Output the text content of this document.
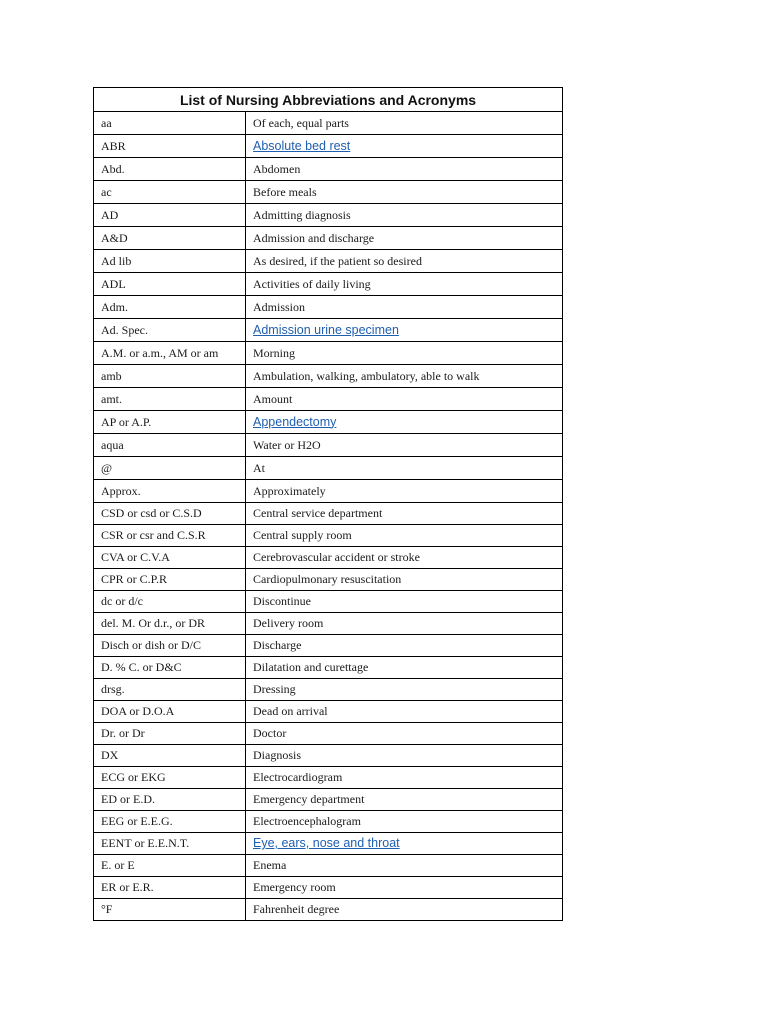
List of Nursing Abbreviations and Acronyms	
aa	Of each, equal parts
ABR	Absolute bed rest
Abd.	Abdomen
ac	Before meals
AD	Admitting diagnosis
A&D	Admission and discharge
Ad lib	As desired, if the patient so desired
ADL	Activities of daily living
Adm.	Admission
Ad. Spec.	Admission urine specimen
A.M. or a.m., AM or am	Morning
amb	Ambulation, walking, ambulatory, able to walk
amt.	Amount
AP or A.P.	Appendectomy
aqua	Water or H2O
@	At
Approx.	Approximately
CSD or csd or C.S.D	Central service department
CSR or csr and C.S.R	Central supply room
CVA or C.V.A	Cerebrovascular accident or stroke
CPR or C.P.R	Cardiopulmonary resuscitation
dc or d/c	Discontinue
del. M. Or d.r., or DR	Delivery room
Disch or dish or D/C	Discharge
D. % C. or D&C	Dilatation and curettage
drsg.	Dressing
DOA or D.O.A	Dead on arrival
Dr. or Dr	Doctor
DX	Diagnosis
ECG or EKG	Electrocardiogram
ED or E.D.	Emergency department
EEG or E.E.G.	Electroencephalogram
EENT or E.E.N.T.	Eye, ears, nose and throat
E. or E	Enema
ER or E.R.	Emergency room
°F	Fahrenheit degree
